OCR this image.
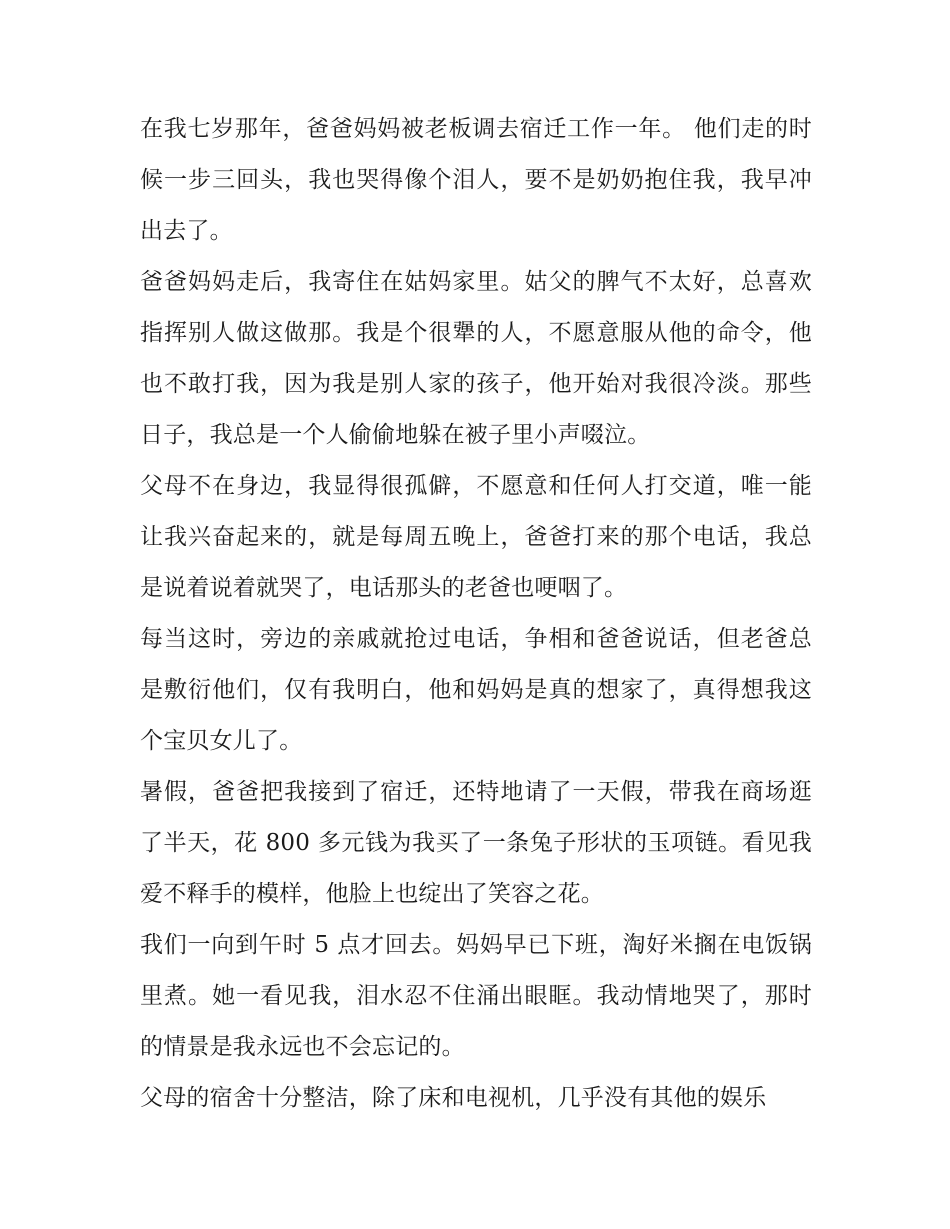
在我七岁那年，爸爸妈妈被老板调去宿迁工作一年。 他们走的时候一步三回头，我也哭得像个泪人，要不是奶奶抱住我，我早冲出去了。

爸爸妈妈走后，我寄住在姑妈家里。姑父的脾气不太好，总喜欢指挥别人做这做那。我是个很犟的人，不愿意服从他的命令，他也不敢打我，因为我是别人家的孩子，他开始对我很冷淡。那些日子，我总是一个人偷偷地躲在被子里小声啜泣。

父母不在身边，我显得很孤僻，不愿意和任何人打交道，唯一能让我兴奋起来的，就是每周五晚上，爸爸打来的那个电话，我总是说着说着就哭了，电话那头的老爸也哽咽了。

每当这时，旁边的亲戚就抢过电话，争相和爸爸说话，但老爸总是敷衍他们，仅有我明白，他和妈妈是真的想家了，真得想我这个宝贝女儿了。

暑假，爸爸把我接到了宿迁，还特地请了一天假，带我在商场逛了半天，花 800 多元钱为我买了一条兔子形状的玉项链。看见我爱不释手的模样，他脸上也绽出了笑容之花。

我们一向到午时 5 点才回去。妈妈早已下班，淘好米搁在电饭锅里煮。她一看见我，泪水忍不住涌出眼眶。我动情地哭了，那时的情景是我永远也不会忘记的。

父母的宿舍十分整洁，除了床和电视机，几乎没有其他的娱乐
